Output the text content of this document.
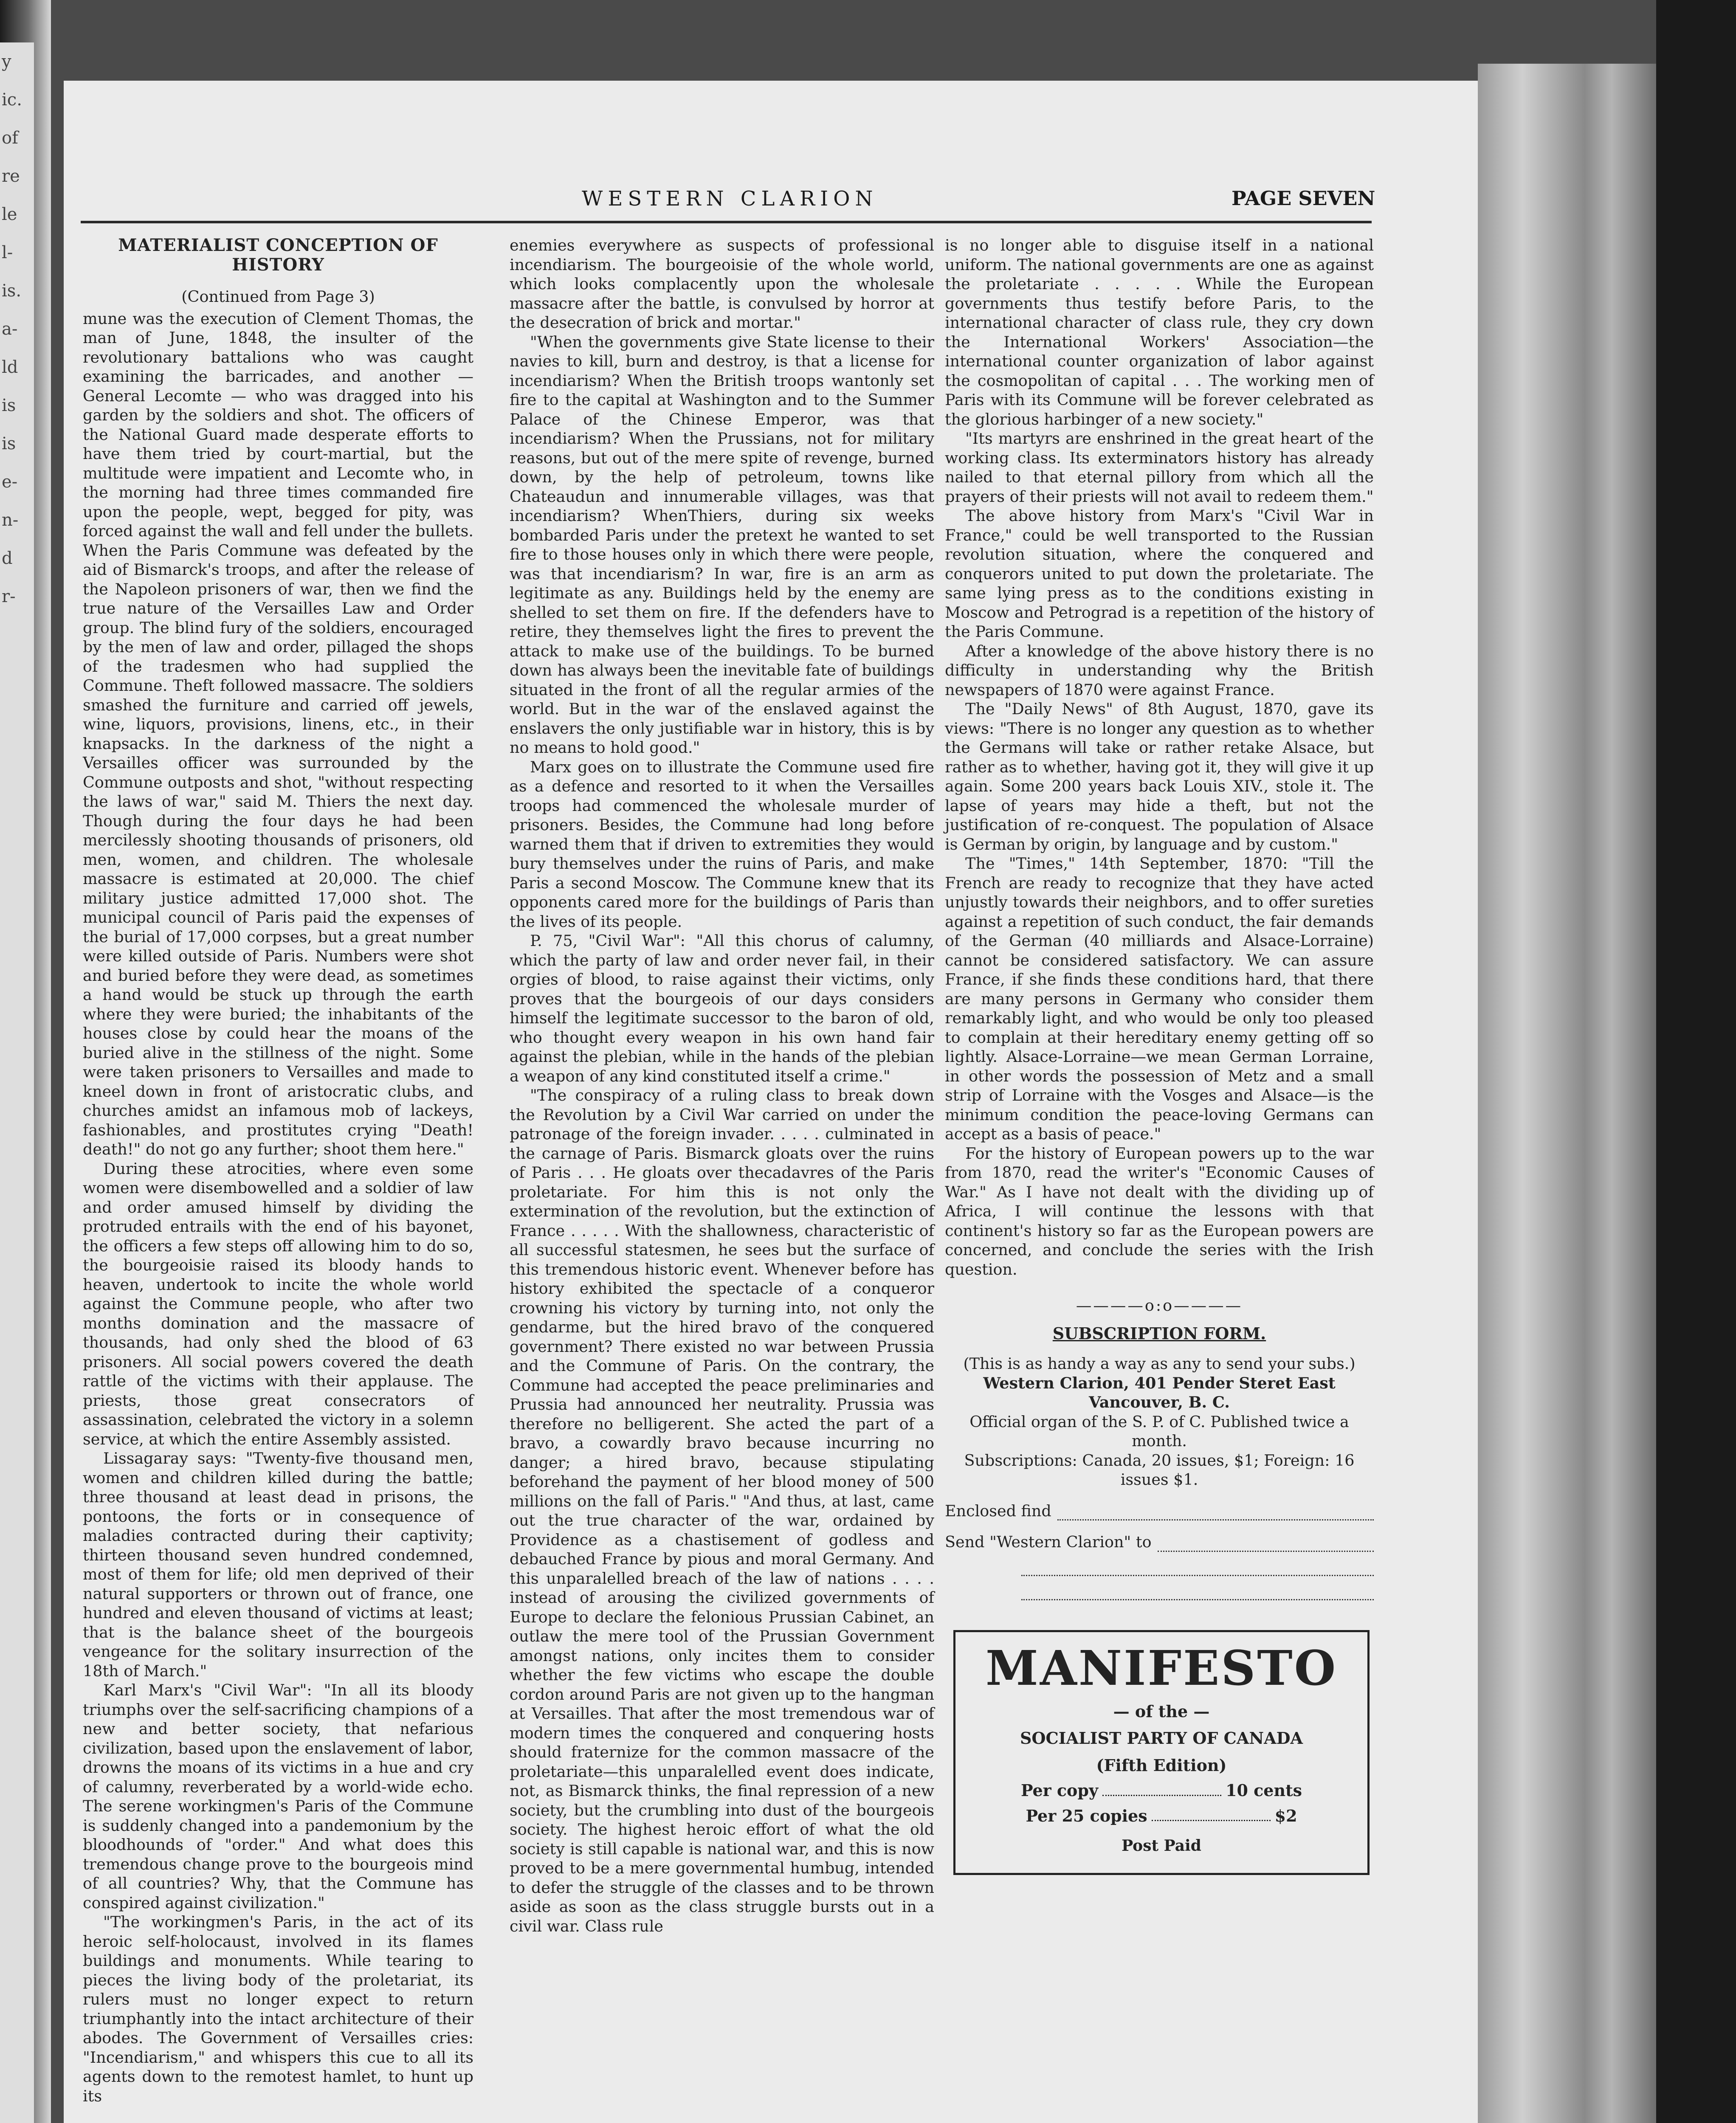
y
ic.
of
re
le
l-
is.
a-
ld
is
is
e-
n-
d
r-
WESTERN CLARION	PAGE SEVEN
MATERIALIST CONCEPTION OF HISTORY
(Continued from Page 3)

mune was the execution of Clement Thomas, the man of June, 1848, the insulter of the revolutionary battalions who was caught examining the barricades, and another — General Lecomte — who was dragged into his garden by the soldiers and shot. The officers of the National Guard made desperate efforts to have them tried by court-martial, but the multitude were impatient and Lecomte who, in the morning had three times commanded fire upon the people, wept, begged for pity, was forced against the wall and fell under the bullets. When the Paris Commune was defeated by the aid of Bismarck's troops, and after the release of the Napoleon prisoners of war, then we find the true nature of the Versailles Law and Order group. The blind fury of the soldiers, encouraged by the men of law and order, pillaged the shops of the tradesmen who had supplied the Commune. Theft followed massacre. The soldiers smashed the furniture and carried off jewels, wine, liquors, provisions, linens, etc., in their knapsacks. In the darkness of the night a Versailles officer was surrounded by the Commune outposts and shot, "without respecting the laws of war," said M. Thiers the next day. Though during the four days he had been mercilessly shooting thousands of prisoners, old men, women, and children. The wholesale massacre is estimated at 20,000. The chief military justice admitted 17,000 shot. The municipal council of Paris paid the expenses of the burial of 17,000 corpses, but a great number were killed outside of Paris. Numbers were shot and buried before they were dead, as sometimes a hand would be stuck up through the earth where they were buried; the inhabitants of the houses close by could hear the moans of the buried alive in the stillness of the night. Some were taken prisoners to Versailles and made to kneel down in front of aristocratic clubs, and churches amidst an infamous mob of lackeys, fashionables, and prostitutes crying "Death! death!" do not go any further; shoot them here."

During these atrocities, where even some women were disembowelled and a soldier of law and order amused himself by dividing the protruded entrails with the end of his bayonet, the officers a few steps off allowing him to do so, the bourgeoisie raised its bloody hands to heaven, undertook to incite the whole world against the Commune people, who after two months domination and the massacre of thousands, had only shed the blood of 63 prisoners. All social powers covered the death rattle of the victims with their applause. The priests, those great consecrators of assassination, celebrated the victory in a solemn service, at which the entire Assembly assisted.

Lissagaray says: "Twenty-five thousand men, women and children killed during the battle; three thousand at least dead in prisons, the pontoons, the forts or in consequence of maladies contracted during their captivity; thirteen thousand seven hundred condemned, most of them for life; old men deprived of their natural supporters or thrown out of france, one hundred and eleven thousand of victims at least; that is the balance sheet of the bourgeois vengeance for the solitary insurrection of the 18th of March."

Karl Marx's "Civil War": "In all its bloody triumphs over the self-sacrificing champions of a new and better society, that nefarious civilization, based upon the enslavement of labor, drowns the moans of its victims in a hue and cry of calumny, reverberated by a world-wide echo. The serene workingmen's Paris of the Commune is suddenly changed into a pandemonium by the bloodhounds of "order." And what does this tremendous change prove to the bourgeois mind of all countries? Why, that the Commune has conspired against civilization."

"The workingmen's Paris, in the act of its heroic self-holocaust, involved in its flames buildings and monuments. While tearing to pieces the living body of the proletariat, its rulers must no longer expect to return triumphantly into the intact architecture of their abodes. The Government of Versailles cries: "Incendiarism," and whispers this cue to all its agents down to the remotest hamlet, to hunt up its

enemies everywhere as suspects of professional incendiarism. The bourgeoisie of the whole world, which looks complacently upon the wholesale massacre after the battle, is convulsed by horror at the desecration of brick and mortar."

"When the governments give State license to their navies to kill, burn and destroy, is that a license for incendiarism? When the British troops wantonly set fire to the capital at Washington and to the Summer Palace of the Chinese Emperor, was that incendiarism? When the Prussians, not for military reasons, but out of the mere spite of revenge, burned down, by the help of petroleum, towns like Chateaudun and innumerable villages, was that incendiarism? WhenThiers, during six weeks bombarded Paris under the pretext he wanted to set fire to those houses only in which there were people, was that incendiarism? In war, fire is an arm as legitimate as any. Buildings held by the enemy are shelled to set them on fire. If the defenders have to retire, they themselves light the fires to prevent the attack to make use of the buildings. To be burned down has always been the inevitable fate of buildings situated in the front of all the regular armies of the world. But in the war of the enslaved against the enslavers the only justifiable war in history, this is by no means to hold good."

Marx goes on to illustrate the Commune used fire as a defence and resorted to it when the Versailles troops had commenced the wholesale murder of prisoners. Besides, the Commune had long before warned them that if driven to extremities they would bury themselves under the ruins of Paris, and make Paris a second Moscow. The Commune knew that its opponents cared more for the buildings of Paris than the lives of its people.

P. 75, "Civil War": "All this chorus of calumny, which the party of law and order never fail, in their orgies of blood, to raise against their victims, only proves that the bourgeois of our days considers himself the legitimate successor to the baron of old, who thought every weapon in his own hand fair against the plebian, while in the hands of the plebian a weapon of any kind constituted itself a crime."

"The conspiracy of a ruling class to break down the Revolution by a Civil War carried on under the patronage of the foreign invader. . . . . culminated in the carnage of Paris. Bismarck gloats over the ruins of Paris . . . He gloats over thecadavres of the Paris proletariate. For him this is not only the extermination of the revolution, but the extinction of France . . . . . With the shallowness, characteristic of all successful statesmen, he sees but the surface of this tremendous historic event. Whenever before has history exhibited the spectacle of a conqueror crowning his victory by turning into, not only the gendarme, but the hired bravo of the conquered government? There existed no war between Prussia and the Commune of Paris. On the contrary, the Commune had accepted the peace preliminaries and Prussia had announced her neutrality. Prussia was therefore no belligerent. She acted the part of a bravo, a cowardly bravo because incurring no danger; a hired bravo, because stipulating beforehand the payment of her blood money of 500 millions on the fall of Paris." "And thus, at last, came out the true character of the war, ordained by Providence as a chastisement of godless and debauched France by pious and moral Germany. And this unparalelled breach of the law of nations . . . . instead of arousing the civilized governments of Europe to declare the felonious Prussian Cabinet, an outlaw the mere tool of the Prussian Government amongst nations, only incites them to consider whether the few victims who escape the double cordon around Paris are not given up to the hangman at Versailles. That after the most tremendous war of modern times the conquered and conquering hosts should fraternize for the common massacre of the proletariate—this unparalelled event does indicate, not, as Bismarck thinks, the final repression of a new society, but the crumbling into dust of the bourgeois society. The highest heroic effort of what the old society is still capable is national war, and this is now proved to be a mere governmental humbug, intended to defer the struggle of the classes and to be thrown aside as soon as the class struggle bursts out in a civil war. Class rule

is no longer able to disguise itself in a national uniform. The national governments are one as against the proletariate . . . . . While the European governments thus testify before Paris, to the international character of class rule, they cry down the International Workers' Association—the international counter organization of labor against the cosmopolitan of capital . . . The working men of Paris with its Commune will be forever celebrated as the glorious harbinger of a new society."

"Its martyrs are enshrined in the great heart of the working class. Its exterminators history has already nailed to that eternal pillory from which all the prayers of their priests will not avail to redeem them."

The above history from Marx's "Civil War in France," could be well transported to the Russian revolution situation, where the conquered and conquerors united to put down the proletariate. The same lying press as to the conditions existing in Moscow and Petrograd is a repetition of the history of the Paris Commune.

After a knowledge of the above history there is no difficulty in understanding why the British newspapers of 1870 were against France.

The "Daily News" of 8th August, 1870, gave its views: "There is no longer any question as to whether the Germans will take or rather retake Alsace, but rather as to whether, having got it, they will give it up again. Some 200 years back Louis XIV., stole it. The lapse of years may hide a theft, but not the justification of re-conquest. The population of Alsace is German by origin, by language and by custom."

The "Times," 14th September, 1870: "Till the French are ready to recognize that they have acted unjustly towards their neighbors, and to offer sureties against a repetition of such conduct, the fair demands of the German (40 milliards and Alsace-Lorraine) cannot be considered satisfactory. We can assure France, if she finds these conditions hard, that there are many persons in Germany who consider them remarkably light, and who would be only too pleased to complain at their hereditary enemy getting off so lightly. Alsace-Lorraine—we mean German Lorraine, in other words the possession of Metz and a small strip of Lorraine with the Vosges and Alsace—is the minimum condition the peace-loving Germans can accept as a basis of peace."

For the history of European powers up to the war from 1870, read the writer's "Economic Causes of War." As I have not dealt with the dividing up of Africa, I will continue the lessons with that continent's history so far as the European powers are concerned, and conclude the series with the Irish question.

————o:o————
SUBSCRIPTION FORM.
(This is as handy a way as any to send your subs.)
Western Clarion, 401 Pender Steret East
Vancouver, B. C.
Official organ of the S. P. of C. Published twice a month.
Subscriptions: Canada, 20 issues, $1; Foreign: 16 issues $1.
Enclosed find
Send "Western Clarion" to
MANIFESTO
— of the —
SOCIALIST PARTY OF CANADA
(Fifth Edition)
Per copy	10 cents
Per 25 copies	$2
Post Paid
